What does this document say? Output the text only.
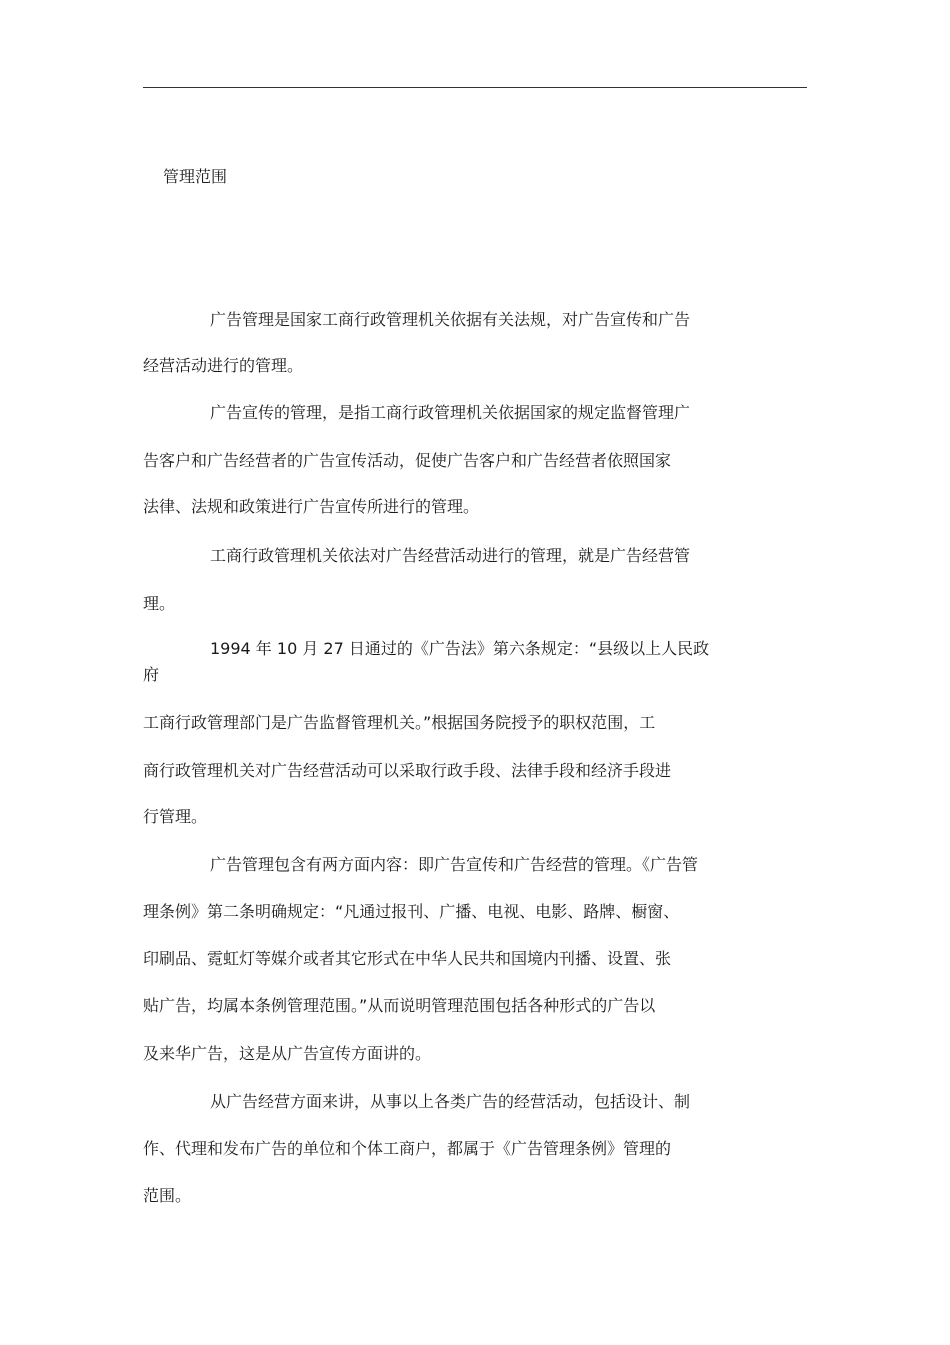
管理范围
广告管理是国家工商行政管理机关依据有关法规，对广告宣传和广告
经营活动进行的管理。
广告宣传的管理，是指工商行政管理机关依据国家的规定监督管理广
告客户和广告经营者的广告宣传活动，促使广告客户和广告经营者依照国家
法律、法规和政策进行广告宣传所进行的管理。
工商行政管理机关依法对广告经营活动进行的管理，就是广告经营管
理。
1994 年 10 月 27 日通过的《广告法》第六条规定：“县级以上人民政
府
工商行政管理部门是广告监督管理机关。”根据国务院授予的职权范围，工
商行政管理机关对广告经营活动可以采取行政手段、法律手段和经济手段进
行管理。
广告管理包含有两方面内容：即广告宣传和广告经营的管理。《广告管
理条例》第二条明确规定：“凡通过报刊、广播、电视、电影、路牌、橱窗、
印刷品、霓虹灯等媒介或者其它形式在中华人民共和国境内刊播、设置、张
贴广告，均属本条例管理范围。”从而说明管理范围包括各种形式的广告以
及来华广告，这是从广告宣传方面讲的。
从广告经营方面来讲，从事以上各类广告的经营活动，包括设计、制
作、代理和发布广告的单位和个体工商户，都属于《广告管理条例》管理的
范围。
